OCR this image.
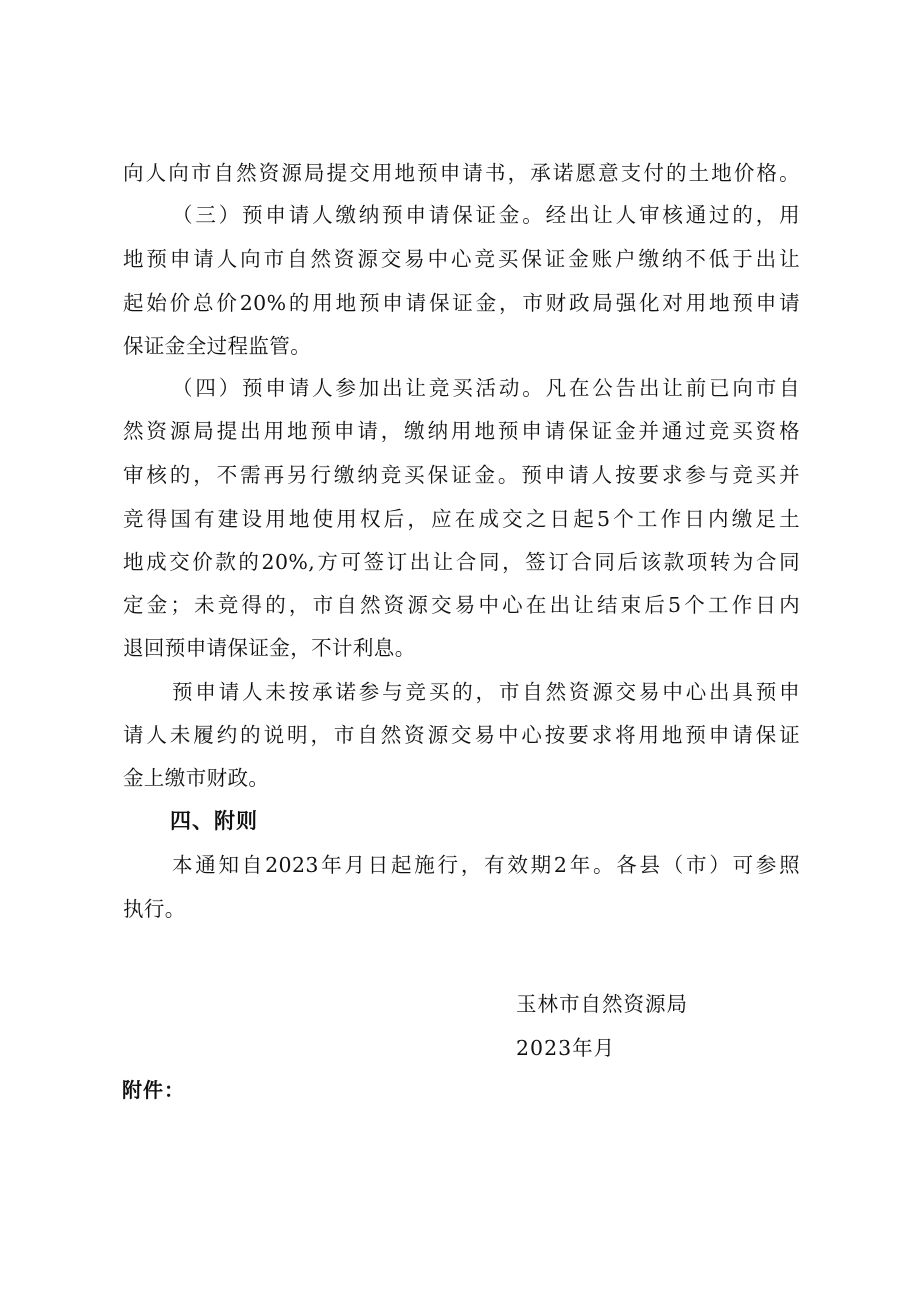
向人向市自然资源局提交用地预申请书，承诺愿意支付的土地价格。
（三）预申请人缴纳预申请保证金。经出让人审核通过的，用
地预申请人向市自然资源交易中心竞买保证金账户缴纳不低于出让
起始价总价20%的用地预申请保证金，市财政局强化对用地预申请
保证金全过程监管。
（四）预申请人参加出让竞买活动。凡在公告出让前已向市自
然资源局提出用地预申请，缴纳用地预申请保证金并通过竞买资格
审核的，不需再另行缴纳竞买保证金。预申请人按要求参与竞买并
竞得国有建设用地使用权后，应在成交之日起5个工作日内缴足土
地成交价款的20%,方可签订出让合同，签订合同后该款项转为合同
定金；未竞得的，市自然资源交易中心在出让结束后5个工作日内
退回预申请保证金，不计利息。
预申请人未按承诺参与竞买的，市自然资源交易中心出具预申
请人未履约的说明，市自然资源交易中心按要求将用地预申请保证
金上缴市财政。
四、附则
本通知自2023年月日起施行，有效期2年。各县（市）可参照
执行。
玉林市自然资源局
2023年月
附件：
